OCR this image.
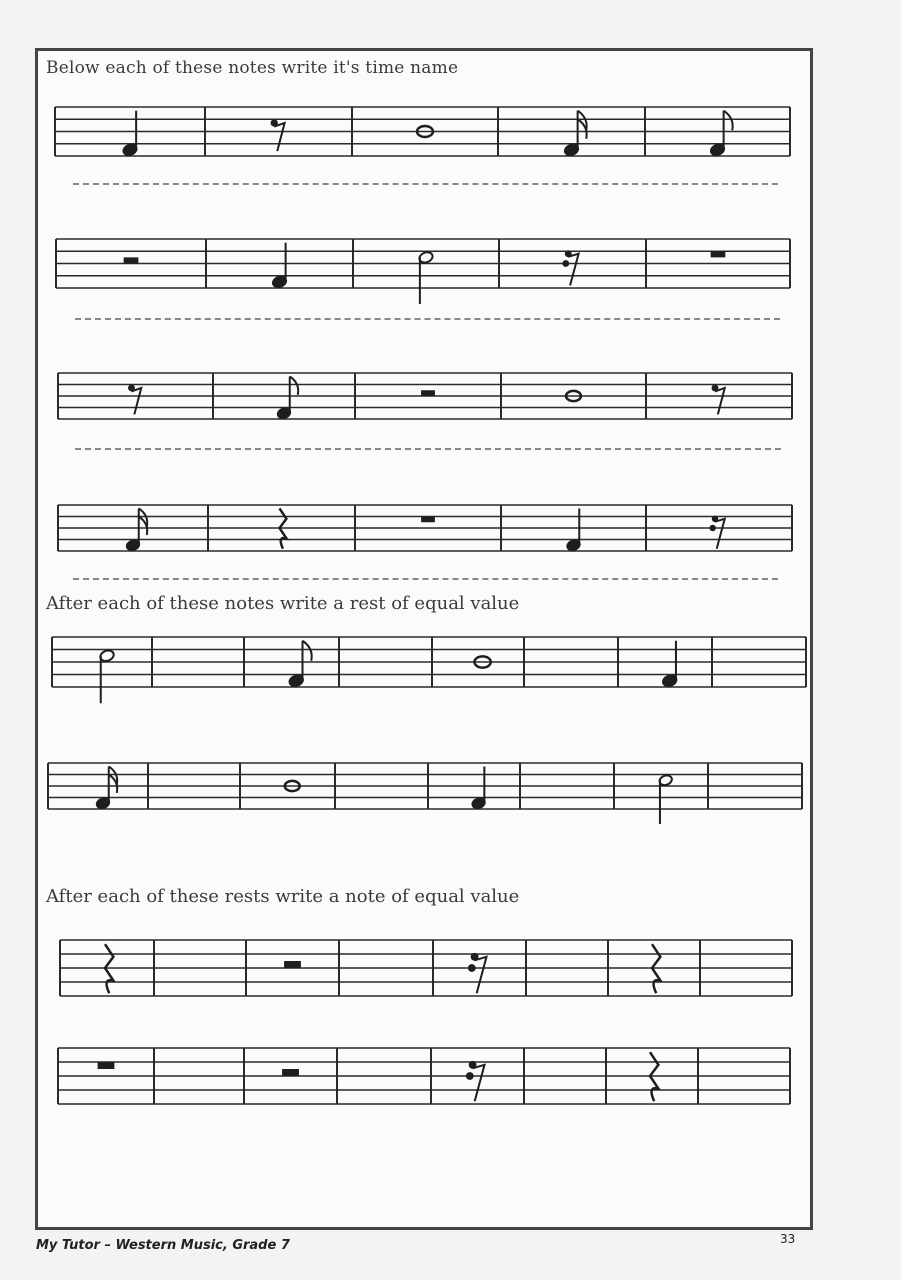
Below each of these notes write it's time name
After each of these notes write a rest of equal value
After each of these rests write a note of equal value
My Tutor – Western Music, Grade 7	33
